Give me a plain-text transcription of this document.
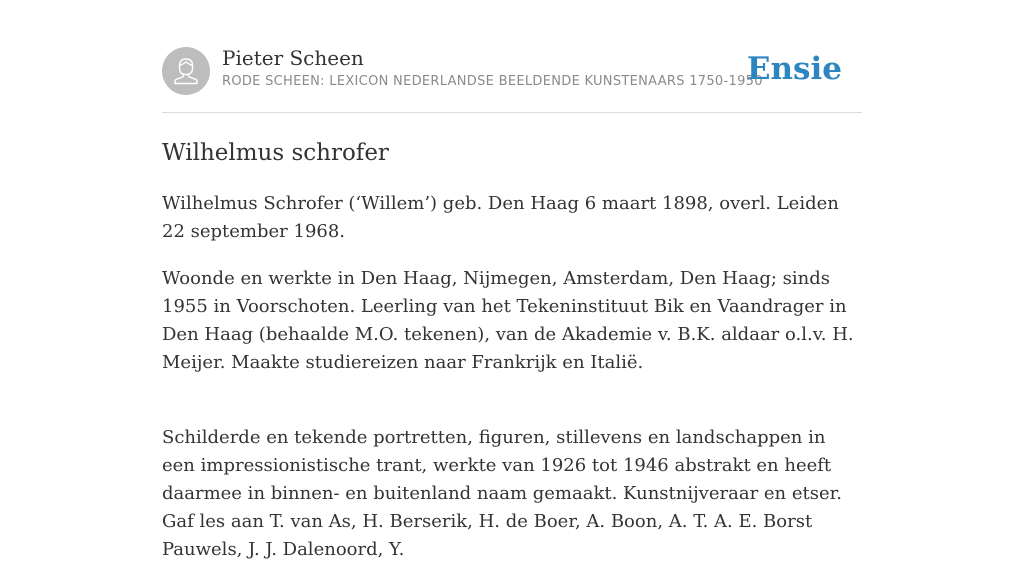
Pieter Scheen
RODE SCHEEN: LEXICON NEDERLANDSE BEELDENDE KUNSTENAARS 1750-1950
Ensie
Wilhelmus schrofer

Wilhelmus Schrofer (‘Willem’) geb. Den Haag 6 maart 1898, overl. Leiden 22 september 1968.

Woonde en werkte in Den Haag, Nijmegen, Amsterdam, Den Haag; sinds 1955 in Voorschoten. Leerling van het Tekeninstituut Bik en Vaandrager in Den Haag (behaalde M.O. tekenen), van de Akademie v. B.K. aldaar o.l.v. H. Meijer. Maakte studiereizen naar Frankrijk en Italië.

Schilderde en tekende portretten, figuren, stillevens en landschappen in een impressionistische trant, werkte van 1926 tot 1946 abstrakt en heeft daarmee in binnen- en buitenland naam gemaakt. Kunstnijveraar en etser. Gaf les aan T. van As, H. Berserik, H. de Boer, A. Boon, A. T. A. E. Borst Pauwels, J. J. Dalenoord, Y.
